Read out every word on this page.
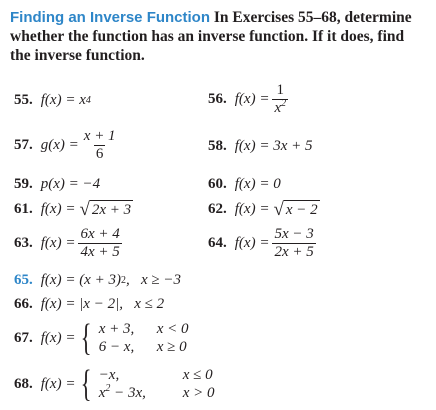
Finding an Inverse Function In Exercises 55–68, determine whether the function has an inverse function. If it does, find the inverse function.
55. f(x) = x 4	56. $f(x) = \frac{1}{x^2}$
57. $g(x) = \frac{x + 1}{6}$	58. f(x) = 3x + 5
59. p(x) = −4	60. f(x) = 0
61. f(x) = √ 2x + 3	62. f(x) = √ x − 2
63. $f(x) = \frac{6x + 4}{4x + 5}$	64. $f(x) = \frac{5x - 3}{2x + 5}$
65. f(x) = (x + 3) 2 ,   x ≥ −3
66. f(x) = |x − 2|,   x ≤ 2
67. f(x) = { x + 3,	x < 0
6 − x,	x ≥ 0
68. f(x) = { −x,	x ≤ 0
$x^2 - 3x$,	x > 0
